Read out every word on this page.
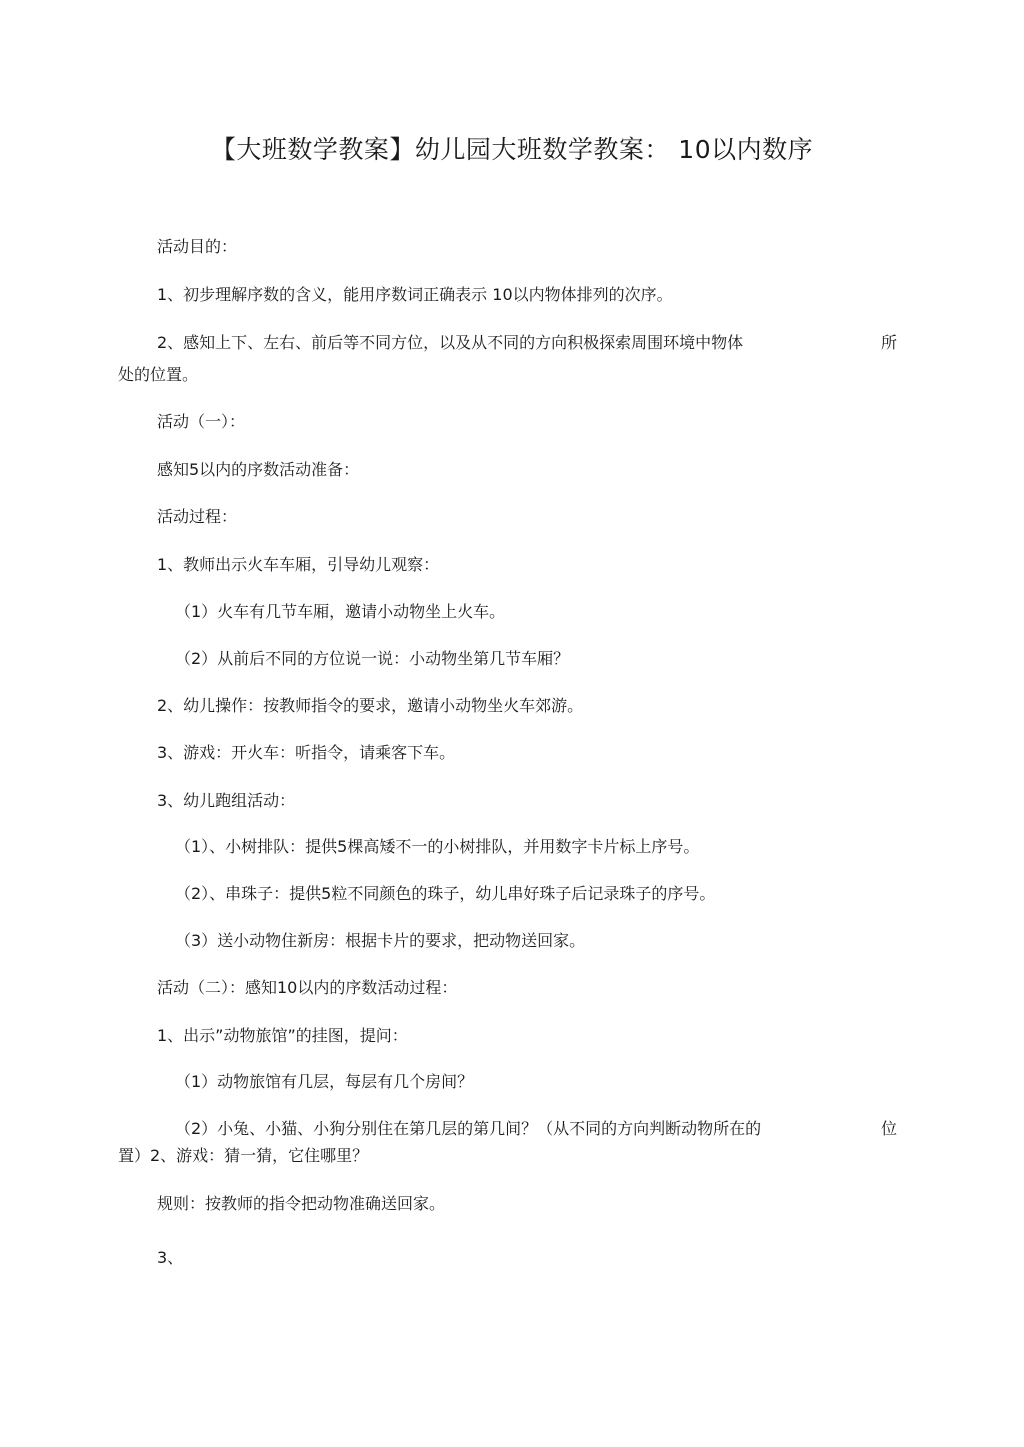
【大班数学教案】幼儿园大班数学教案： 10以内数序
活动目的：
1、初步理解序数的含义，能用序数词正确表示 10以内物体排列的次序。
2、感知上下、左右、前后等不同方位，以及从不同的方向积极探索周围环境中物体	所
处的位置。
活动（一）：
感知5以内的序数活动准备：
活动过程：
1、教师出示火车车厢，引导幼儿观察：
（1）火车有几节车厢，邀请小动物坐上火车。
（2）从前后不同的方位说一说：小动物坐第几节车厢？
2、幼儿操作：按教师指令的要求，邀请小动物坐火车郊游。
3、游戏：开火车：听指令，请乘客下车。
3、幼儿跑组活动：
（1）、小树排队：提供5棵高矮不一的小树排队，并用数字卡片标上序号。
（2）、串珠子：提供5粒不同颜色的珠子，幼儿串好珠子后记录珠子的序号。
（3）送小动物住新房：根据卡片的要求，把动物送回家。
活动（二）：感知10以内的序数活动过程：
1、出示”动物旅馆”的挂图，提问：
（1）动物旅馆有几层，每层有几个房间？
（2）小兔、小猫、小狗分别住在第几层的第几间？（从不同的方向判断动物所在的	位
置）2、游戏：猜一猜，它住哪里？
规则：按教师的指令把动物准确送回家。
3、
